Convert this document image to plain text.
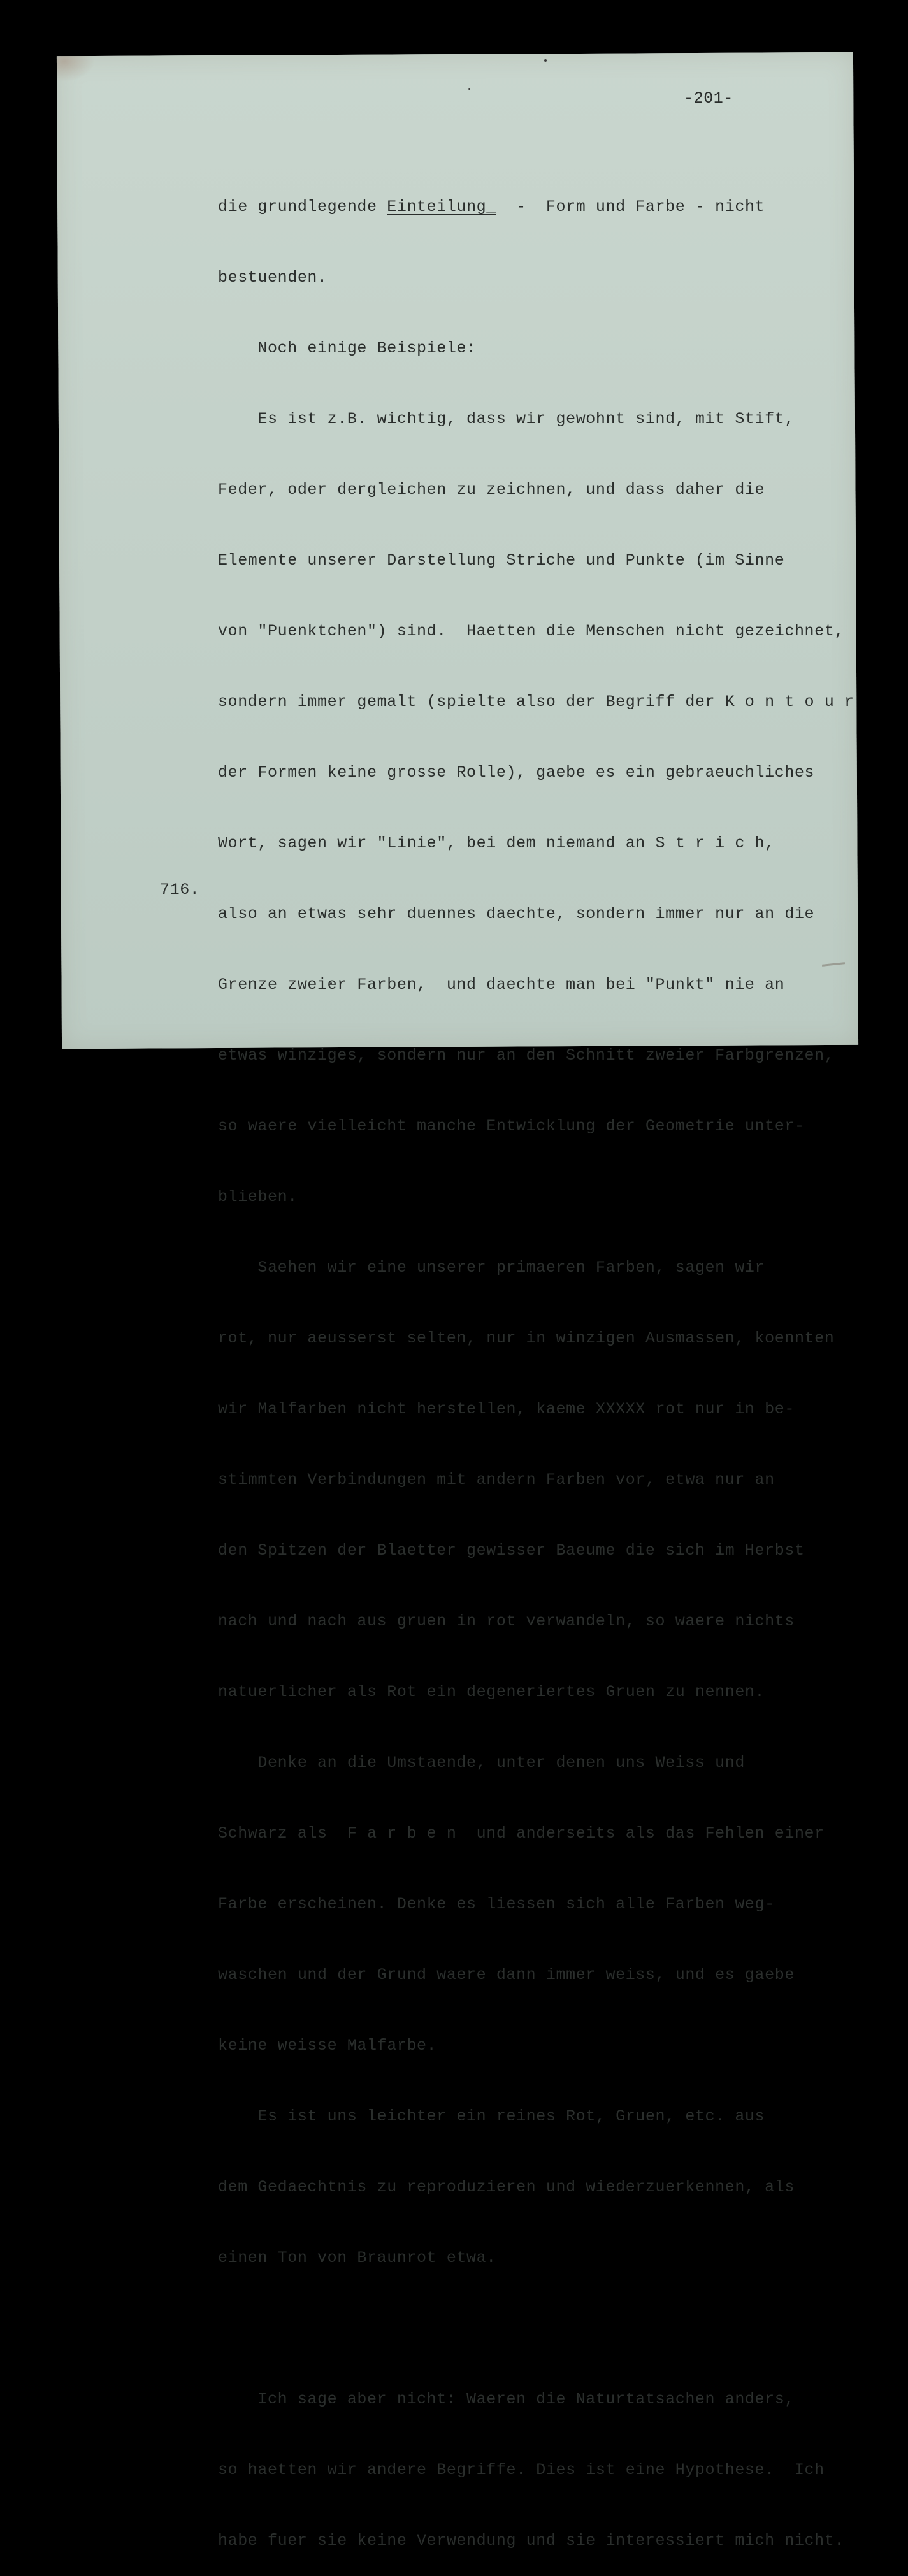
-201-
716.

die grundlegende Einteilung_  -  Form und Farbe - nicht

bestuenden.

Noch einige Beispiele:

Es ist z.B. wichtig, dass wir gewohnt sind, mit Stift,

Feder, oder dergleichen zu zeichnen, und dass daher die

Elemente unserer Darstellung Striche und Punkte (im Sinne

von "Puenktchen") sind.  Haetten die Menschen nicht gezeichnet,

sondern immer gemalt (spielte also der Begriff der K o n t o u r

der Formen keine grosse Rolle), gaebe es ein gebraeuchliches

Wort, sagen wir "Linie", bei dem niemand an S t r i c h,

also an etwas sehr duennes daechte, sondern immer nur an die

Grenze zweier Farben,  und daechte man bei "Punkt" nie an

etwas winziges, sondern nur an den Schnitt zweier Farbgrenzen,

so waere vielleicht manche Entwicklung der Geometrie unter-

blieben.

Saehen wir eine unserer primaeren Farben, sagen wir

rot, nur aeusserst selten, nur in winzigen Ausmassen, koennten

wir Malfarben nicht herstellen, kaeme XXXXX rot nur in be-

stimmten Verbindungen mit andern Farben vor, etwa nur an

den Spitzen der Blaetter gewisser Baeume die sich im Herbst

nach und nach aus gruen in rot verwandeln, so waere nichts

natuerlicher als Rot ein degeneriertes Gruen zu nennen.

Denke an die Umstaende, unter denen uns Weiss und

Schwarz als  F a r b e n  und anderseits als das Fehlen einer

Farbe erscheinen. Denke es liessen sich alle Farben weg-

waschen und der Grund waere dann immer weiss, und es gaebe

keine weisse Malfarbe.

Es ist uns leichter ein reines Rot, Gruen, etc. aus

dem Gedaechtnis zu reproduzieren und wiederzuerkennen, als

einen Ton von Braunrot etwa.

Ich sage aber nicht: Waeren die Naturtatsachen anders,

so haetten wir andere Begriffe. Dies ist eine Hypothese.  Ich

habe fuer sie keine Verwendung und sie interessiert mich nicht.
